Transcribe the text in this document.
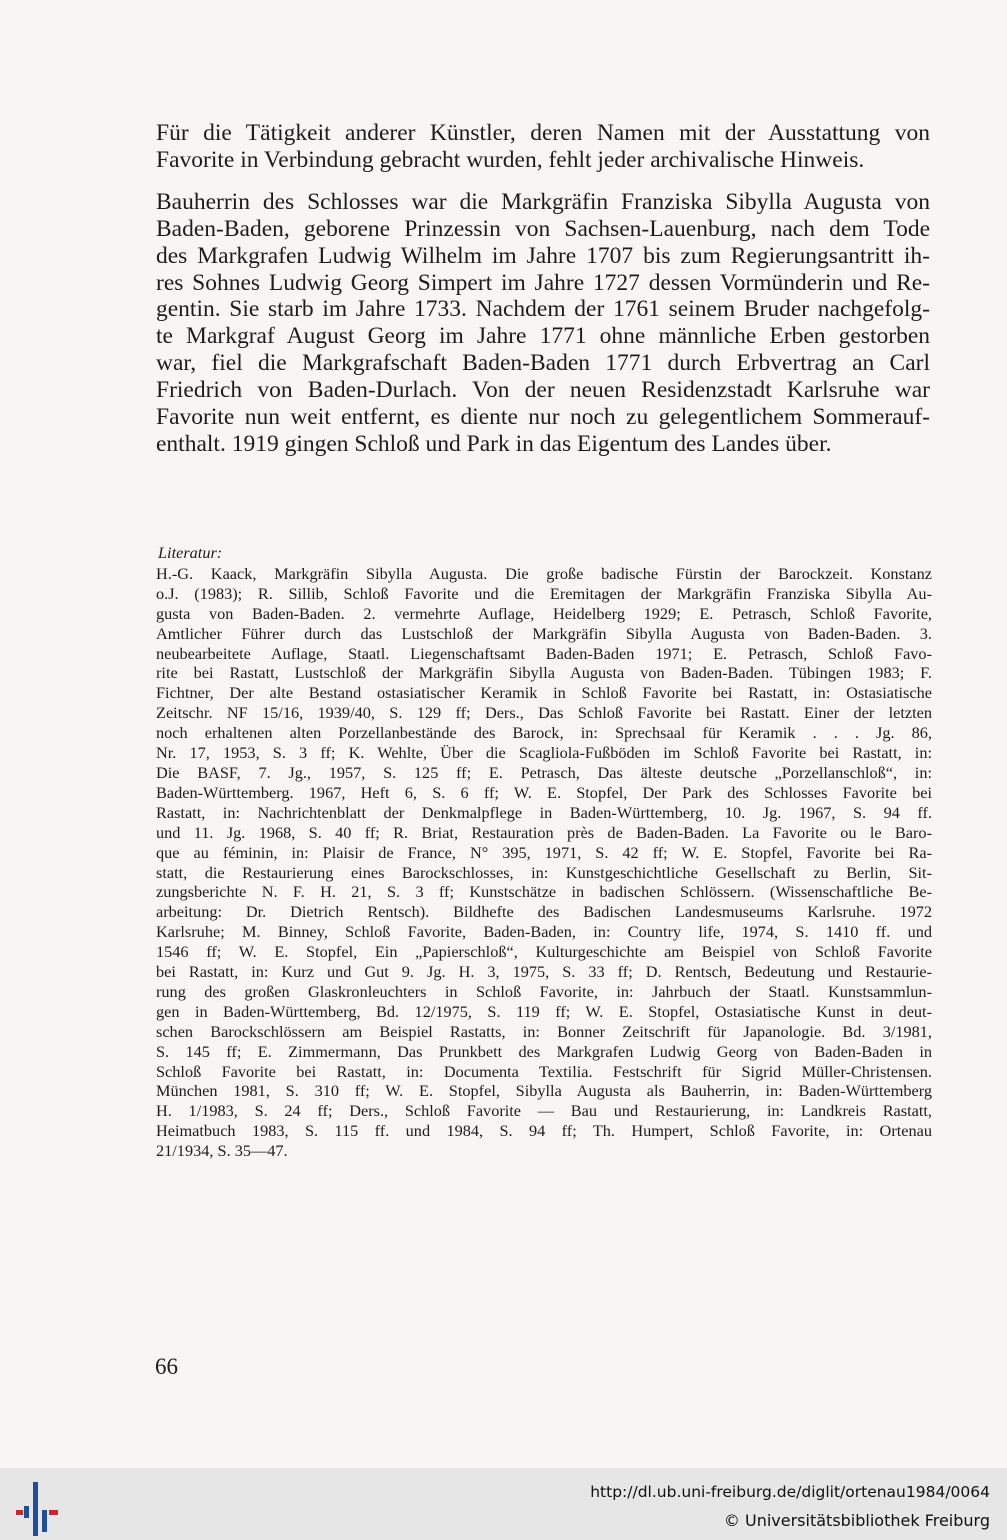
Für die Tätigkeit anderer Künstler, deren Namen mit der Ausstattung von
Favorite in Verbindung gebracht wurden, fehlt jeder archivalische Hinweis.

Bauherrin des Schlosses war die Markgräfin Franziska Sibylla Augusta von
Baden-Baden, geborene Prinzessin von Sachsen-Lauenburg, nach dem Tode
des Markgrafen Ludwig Wilhelm im Jahre 1707 bis zum Regierungsantritt ih-
res Sohnes Ludwig Georg Simpert im Jahre 1727 dessen Vormünderin und Re-
gentin. Sie starb im Jahre 1733. Nachdem der 1761 seinem Bruder nachgefolg-
te Markgraf August Georg im Jahre 1771 ohne männliche Erben gestorben
war, fiel die Markgrafschaft Baden-Baden 1771 durch Erbvertrag an Carl
Friedrich von Baden-Durlach. Von der neuen Residenzstadt Karlsruhe war
Favorite nun weit entfernt, es diente nur noch zu gelegentlichem Sommerauf-
enthalt. 1919 gingen Schloß und Park in das Eigentum des Landes über.

Literatur:
H.-G. Kaack, Markgräfin Sibylla Augusta. Die große badische Fürstin der Barockzeit. Konstanz
o.J. (1983); R. Sillib, Schloß Favorite und die Eremitagen der Markgräfin Franziska Sibylla Au-
gusta von Baden-Baden. 2. vermehrte Auflage, Heidelberg 1929; E. Petrasch, Schloß Favorite,
Amtlicher Führer durch das Lustschloß der Markgräfin Sibylla Augusta von Baden-Baden. 3.
neubearbeitete Auflage, Staatl. Liegenschaftsamt Baden-Baden 1971; E. Petrasch, Schloß Favo-
rite bei Rastatt, Lustschloß der Markgräfin Sibylla Augusta von Baden-Baden. Tübingen 1983; F.
Fichtner, Der alte Bestand ostasiatischer Keramik in Schloß Favorite bei Rastatt, in: Ostasiatische
Zeitschr. NF 15/16, 1939/40, S. 129 ff; Ders., Das Schloß Favorite bei Rastatt. Einer der letzten
noch erhaltenen alten Porzellanbestände des Barock, in: Sprechsaal für Keramik . . . Jg. 86,
Nr. 17, 1953, S. 3 ff; K. Wehlte, Über die Scagliola-Fußböden im Schloß Favorite bei Rastatt, in:
Die BASF, 7. Jg., 1957, S. 125 ff; E. Petrasch, Das älteste deutsche „Porzellanschloß“, in:
Baden-Württemberg. 1967, Heft 6, S. 6 ff; W. E. Stopfel, Der Park des Schlosses Favorite bei
Rastatt, in: Nachrichtenblatt der Denkmalpflege in Baden-Württemberg, 10. Jg. 1967, S. 94 ff.
und 11. Jg. 1968, S. 40 ff; R. Briat, Restauration près de Baden-Baden. La Favorite ou le Baro-
que au féminin, in: Plaisir de France, N° 395, 1971, S. 42 ff; W. E. Stopfel, Favorite bei Ra-
statt, die Restaurierung eines Barockschlosses, in: Kunstgeschichtliche Gesellschaft zu Berlin, Sit-
zungsberichte N. F. H. 21, S. 3 ff; Kunstschätze in badischen Schlössern. (Wissenschaftliche Be-
arbeitung: Dr. Dietrich Rentsch). Bildhefte des Badischen Landesmuseums Karlsruhe. 1972
Karlsruhe; M. Binney, Schloß Favorite, Baden-Baden, in: Country life, 1974, S. 1410 ff. und
1546 ff; W. E. Stopfel, Ein „Papierschloß“, Kulturgeschichte am Beispiel von Schloß Favorite
bei Rastatt, in: Kurz und Gut 9. Jg. H. 3, 1975, S. 33 ff; D. Rentsch, Bedeutung und Restaurie-
rung des großen Glaskronleuchters in Schloß Favorite, in: Jahrbuch der Staatl. Kunstsammlun-
gen in Baden-Württemberg, Bd. 12/1975, S. 119 ff; W. E. Stopfel, Ostasiatische Kunst in deut-
schen Barockschlössern am Beispiel Rastatts, in: Bonner Zeitschrift für Japanologie. Bd. 3/1981,
S. 145 ff; E. Zimmermann, Das Prunkbett des Markgrafen Ludwig Georg von Baden-Baden in
Schloß Favorite bei Rastatt, in: Documenta Textilia. Festschrift für Sigrid Müller-Christensen.
München 1981, S. 310 ff; W. E. Stopfel, Sibylla Augusta als Bauherrin, in: Baden-Württemberg
H. 1/1983, S. 24 ff; Ders., Schloß Favorite — Bau und Restaurierung, in: Landkreis Rastatt,
Heimatbuch 1983, S. 115 ff. und 1984, S. 94 ff; Th. Humpert, Schloß Favorite, in: Ortenau
21/1934, S. 35—47.
66
http://dl.ub.uni-freiburg.de/diglit/ortenau1984/0064
© Universitätsbibliothek Freiburg
